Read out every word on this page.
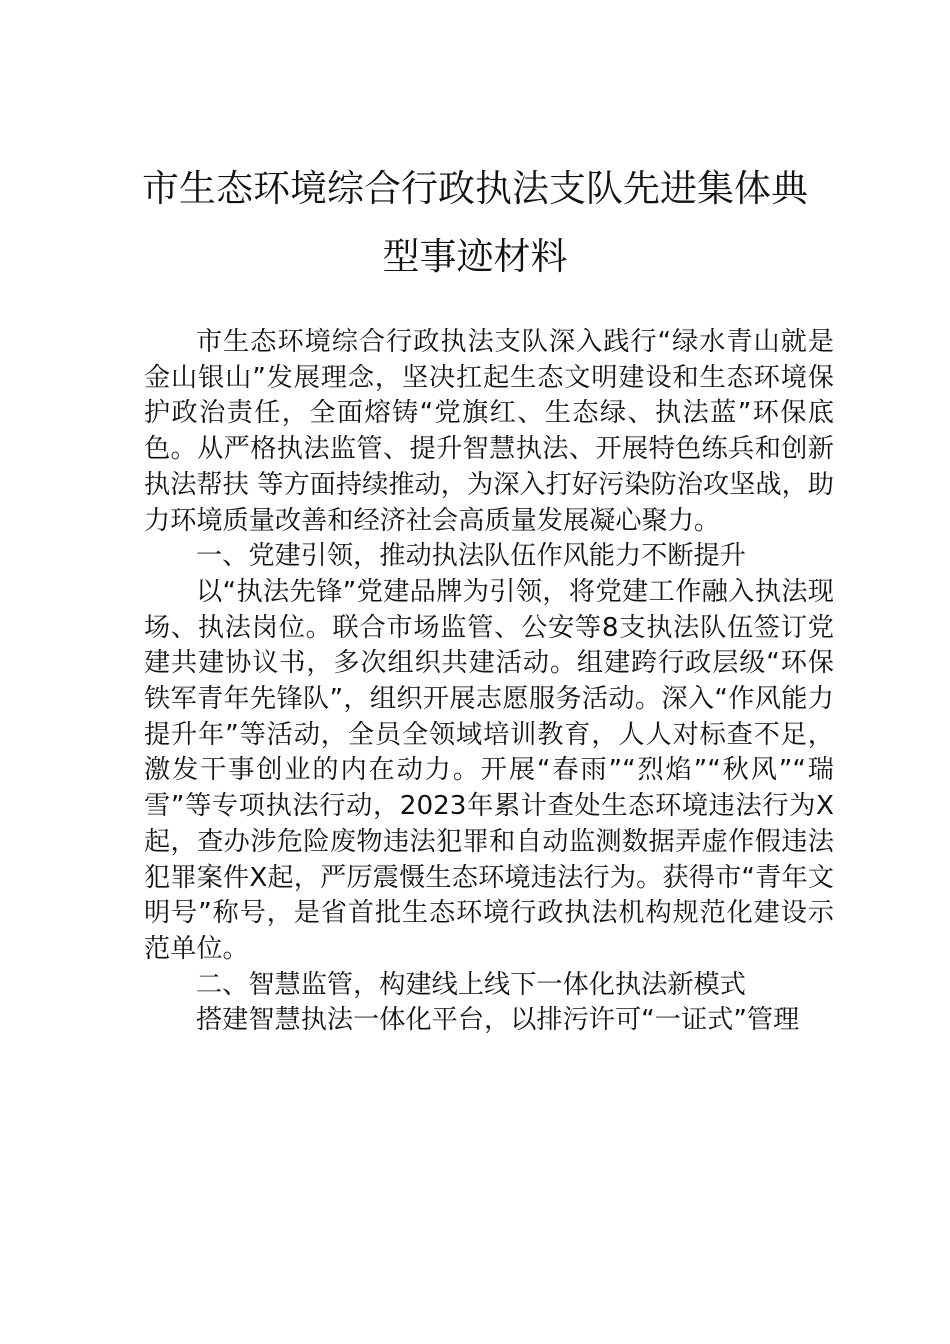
市生态环境综合行政执法支队先进集体典
型事迹材料

市生态环境综合行政执法支队深入践行“绿水青山就是金山银山”发展理念，坚决扛起生态文明建设和生态环境保护政治责任，全面熔铸“党旗红、生态绿、执法蓝”环保底色。从严格执法监管、提升智慧执法、开展特色练兵和创新执法帮扶 等方面持续推动，为深入打好污染防治攻坚战，助力环境质量改善和经济社会高质量发展凝心聚力。

一、党建引领，推动执法队伍作风能力不断提升

以“执法先锋”党建品牌为引领，将党建工作融入执法现场、执法岗位。联合市场监管、公安等8支执法队伍签订党建共建协议书，多次组织共建活动。组建跨行政层级“环保铁军青年先锋队”，组织开展志愿服务活动。深入“作风能力提升年”等活动，全员全领域培训教育，人人对标查不足，激发干事创业的内在动力。开展“春雨”“烈焰”“秋风”“瑞雪”等专项执法行动，2023年累计查处生态环境违法行为X起，查办涉危险废物违法犯罪和自动监测数据弄虚作假违法犯罪案件X起，严厉震慑生态环境违法行为。获得市“青年文明号”称号，是省首批生态环境行政执法机构规范化建设示范单位。

二、智慧监管，构建线上线下一体化执法新模式

搭建智慧执法一体化平台，以排污许可“一证式”管理
